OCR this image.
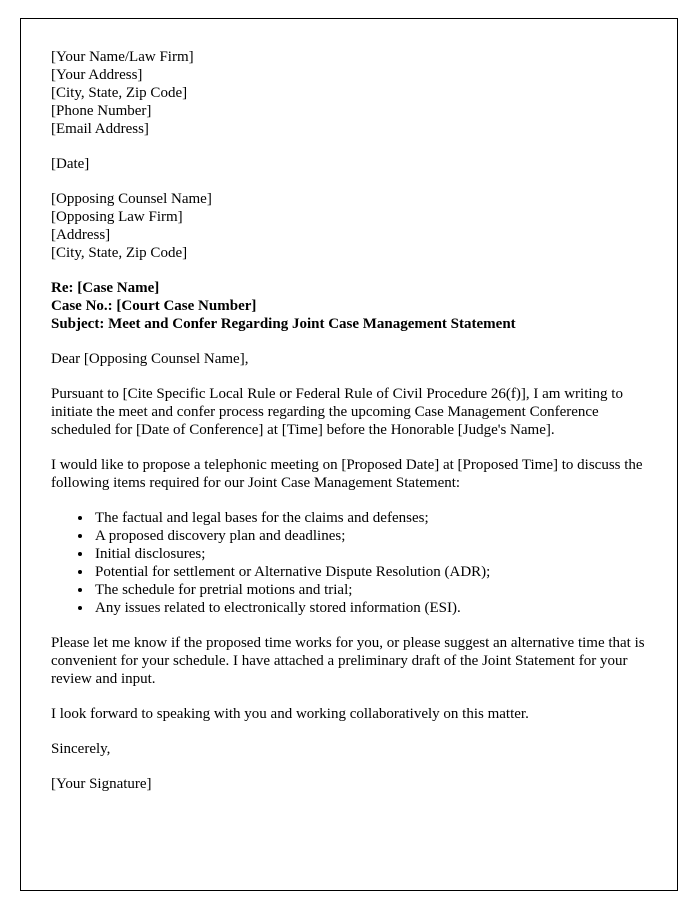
[Your Name/Law Firm]
[Your Address]
[City, State, Zip Code]
[Phone Number]
[Email Address]
[Date]
[Opposing Counsel Name]
[Opposing Law Firm]
[Address]
[City, State, Zip Code]
Re: [Case Name]
Case No.: [Court Case Number]
Subject: Meet and Confer Regarding Joint Case Management Statement

Dear [Opposing Counsel Name],

Pursuant to [Cite Specific Local Rule or Federal Rule of Civil Procedure 26(f)], I am writing to initiate the meet and confer process regarding the upcoming Case Management Conference scheduled for [Date of Conference] at [Time] before the Honorable [Judge's Name].

I would like to propose a telephonic meeting on [Proposed Date] at [Proposed Time] to discuss the following items required for our Joint Case Management Statement:

• The factual and legal bases for the claims and defenses;
• A proposed discovery plan and deadlines;
• Initial disclosures;
• Potential for settlement or Alternative Dispute Resolution (ADR);
• The schedule for pretrial motions and trial;
• Any issues related to electronically stored information (ESI).

Please let me know if the proposed time works for you, or please suggest an alternative time that is convenient for your schedule. I have attached a preliminary draft of the Joint Statement for your review and input.

I look forward to speaking with you and working collaboratively on this matter.

Sincerely,

[Your Signature]
